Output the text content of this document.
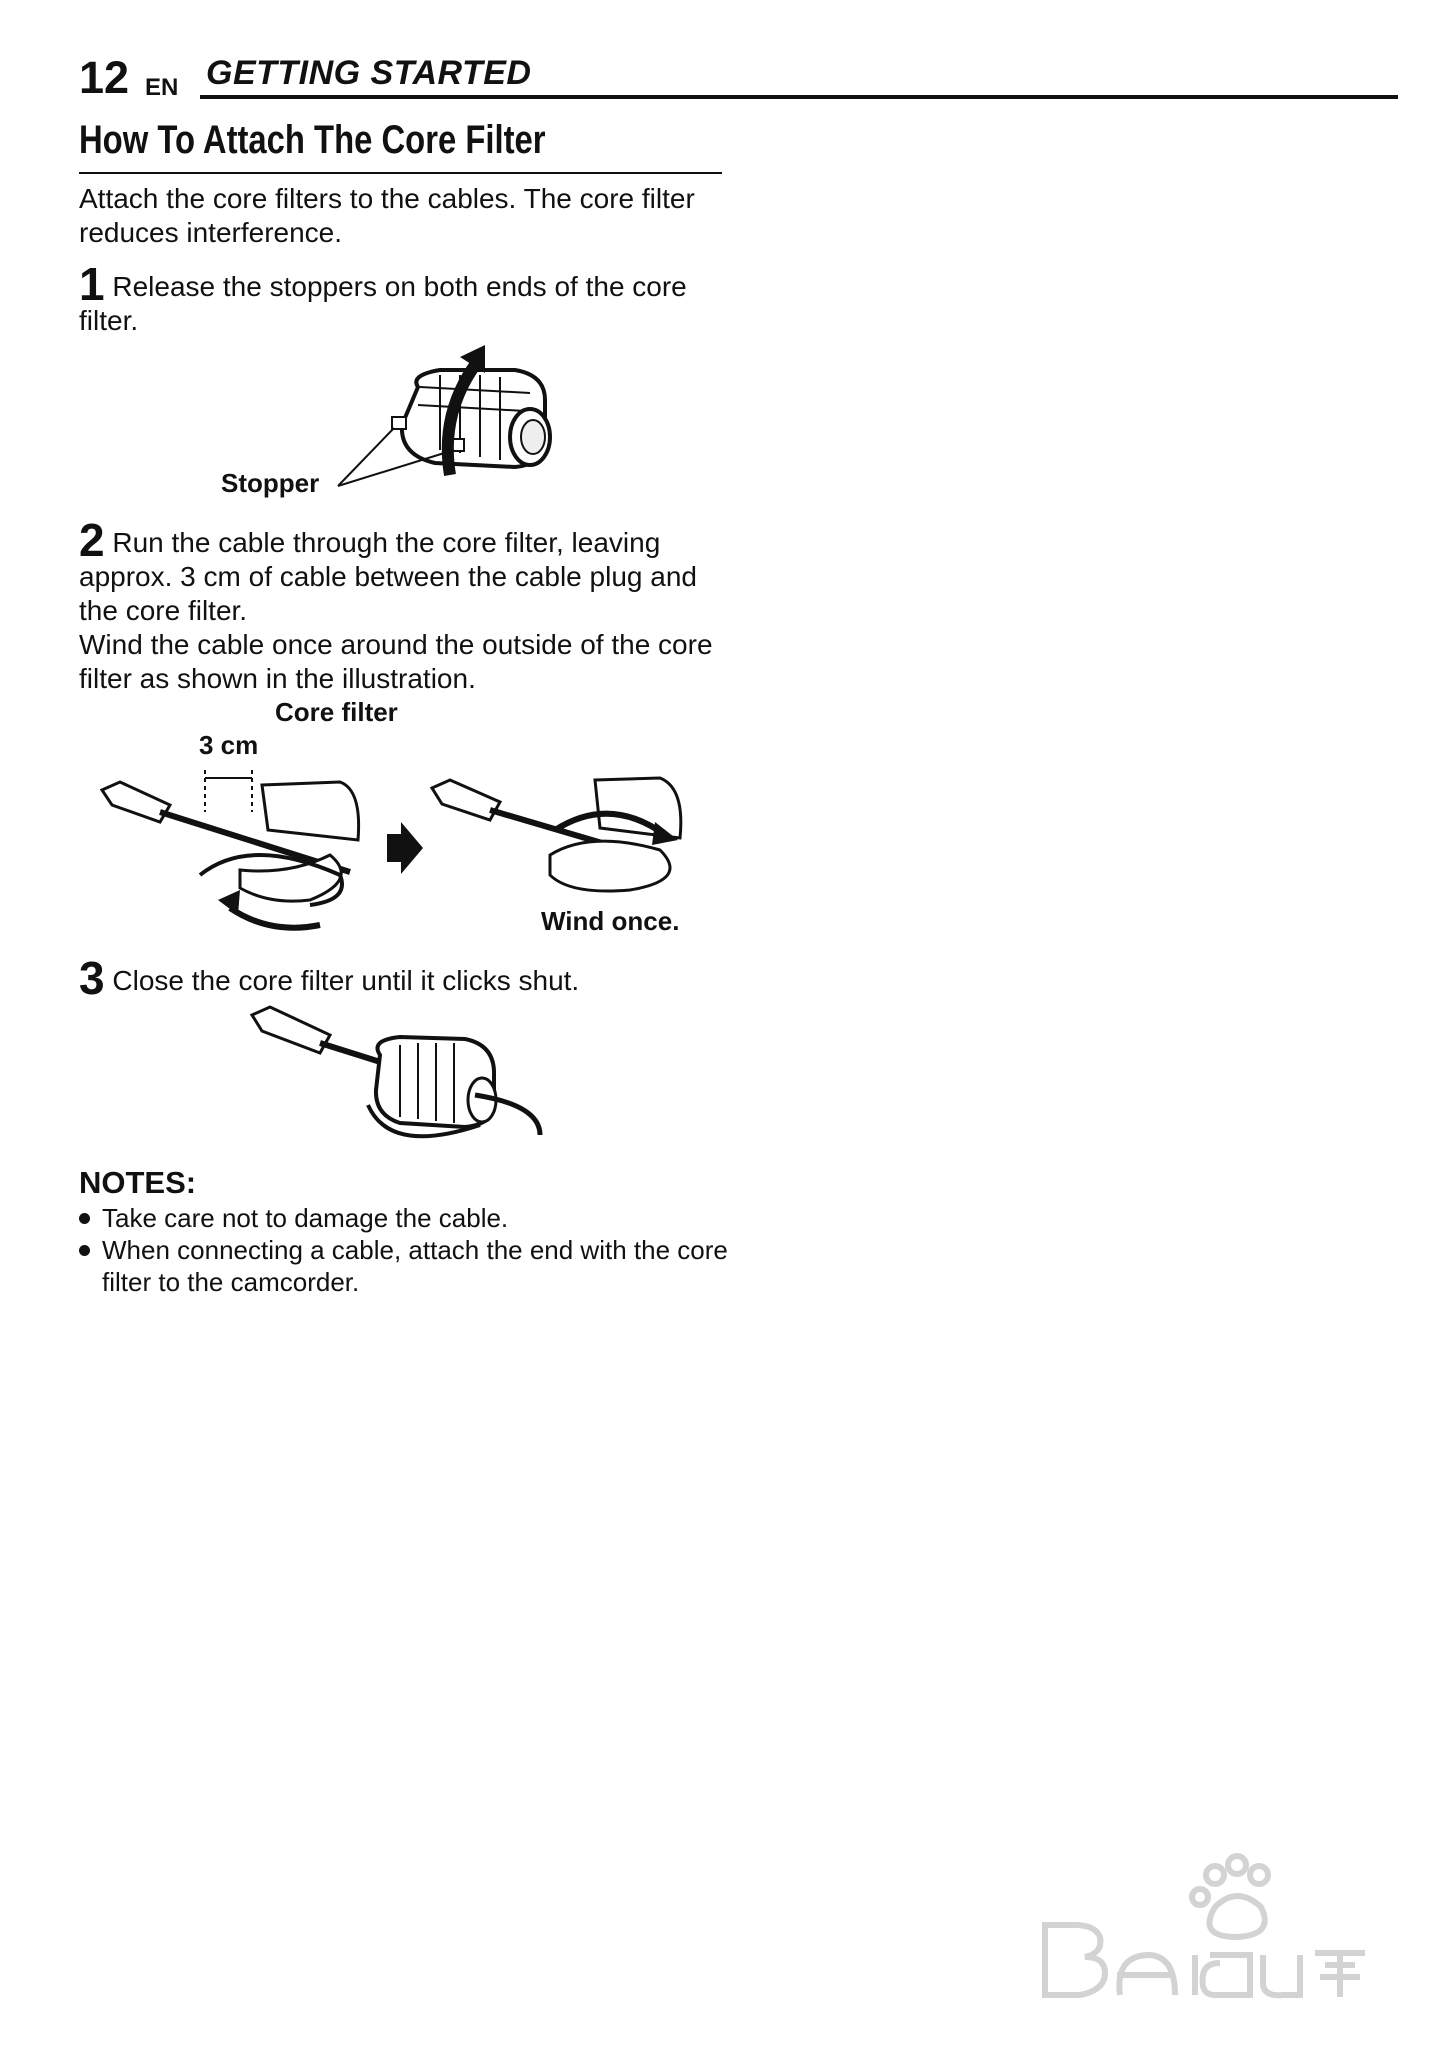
12 EN GETTING STARTED
How To Attach The Core Filter
Attach the core filters to the cables. The core filter reduces interference.
1 Release the stoppers on both ends of the core filter.
Stopper
2 Run the cable through the core filter, leaving approx. 3 cm of cable between the cable plug and the core filter.
Wind the cable once around the outside of the core filter as shown in the illustration.
Core filter
3 cm
Wind once.
3 Close the core filter until it clicks shut.
NOTES:
Take care not to damage the cable.
When connecting a cable, attach the end with the core filter to the camcorder.
